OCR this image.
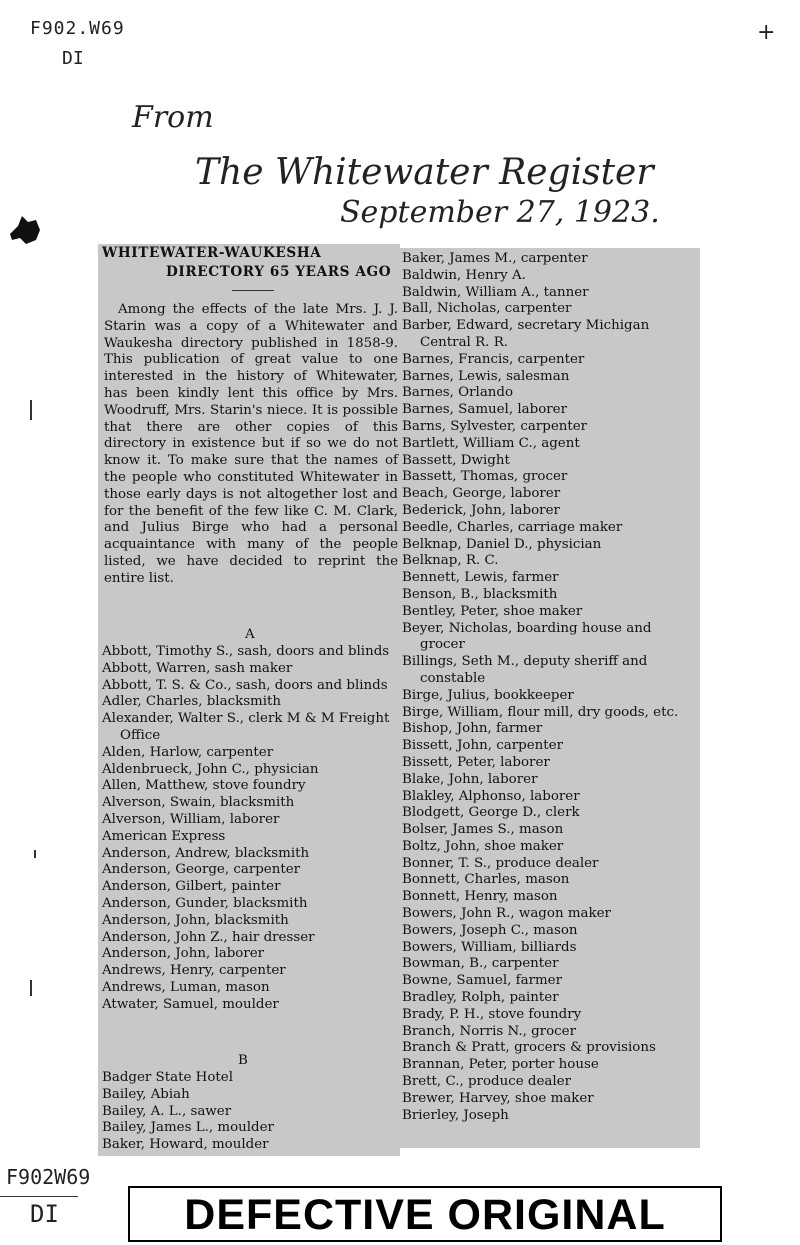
F902.W69
DI
+
From
The Whitewater Register
September 27, 1923.
WHITEWATER-WAUKESHA
DIRECTORY 65 YEARS AGO
Among the effects of the late Mrs. J. J. Starin was a copy of a Whitewater and Waukesha directory published in 1858-9. This publication of great value to one interested in the history of Whitewater, has been kindly lent this office by Mrs. Woodruff, Mrs. Starin's niece. It is possible that there are other copies of this directory in existence but if so we do not know it. To make sure that the names of the people who constituted Whitewater in those early days is not altogether lost and for the benefit of the few like C. M. Clark, and Julius Birge who had a personal acquaintance with many of the people listed, we have decided to reprint the entire list.
A
Abbott, Timothy S., sash, doors and blinds
Abbott, Warren, sash maker
Abbott, T. S. & Co., sash, doors and blinds
Adler, Charles, blacksmith
Alexander, Walter S., clerk M & M Freight Office
Alden, Harlow, carpenter
Aldenbrueck, John C., physician
Allen, Matthew, stove foundry
Alverson, Swain, blacksmith
Alverson, William, laborer
American Express
Anderson, Andrew, blacksmith
Anderson, George, carpenter
Anderson, Gilbert, painter
Anderson, Gunder, blacksmith
Anderson, John, blacksmith
Anderson, John Z., hair dresser
Anderson, John, laborer
Andrews, Henry, carpenter
Andrews, Luman, mason
Atwater, Samuel, moulder
B
Badger State Hotel
Bailey, Abiah
Bailey, A. L., sawer
Bailey, James L., moulder
Baker, Howard, moulder
Baker, James M., carpenter
Baldwin, Henry A.
Baldwin, William A., tanner
Ball, Nicholas, carpenter
Barber, Edward, secretary Michigan Central R. R.
Barnes, Francis, carpenter
Barnes, Lewis, salesman
Barnes, Orlando
Barnes, Samuel, laborer
Barns, Sylvester, carpenter
Bartlett, William C., agent
Bassett, Dwight
Bassett, Thomas, grocer
Beach, George, laborer
Bederick, John, laborer
Beedle, Charles, carriage maker
Belknap, Daniel D., physician
Belknap, R. C.
Bennett, Lewis, farmer
Benson, B., blacksmith
Bentley, Peter, shoe maker
Beyer, Nicholas, boarding house and grocer
Billings, Seth M., deputy sheriff and constable
Birge, Julius, bookkeeper
Birge, William, flour mill, dry goods, etc.
Bishop, John, farmer
Bissett, John, carpenter
Bissett, Peter, laborer
Blake, John, laborer
Blakley, Alphonso, laborer
Blodgett, George D., clerk
Bolser, James S., mason
Boltz, John, shoe maker
Bonner, T. S., produce dealer
Bonnett, Charles, mason
Bonnett, Henry, mason
Bowers, John R., wagon maker
Bowers, Joseph C., mason
Bowers, William, billiards
Bowman, B., carpenter
Bowne, Samuel, farmer
Bradley, Rolph, painter
Brady, P. H., stove foundry
Branch, Norris N., grocer
Branch & Pratt, grocers & provisions
Brannan, Peter, porter house
Brett, C., produce dealer
Brewer, Harvey, shoe maker
Brierley, Joseph
F902W69
DI	DEFECTIVE ORIGINAL
